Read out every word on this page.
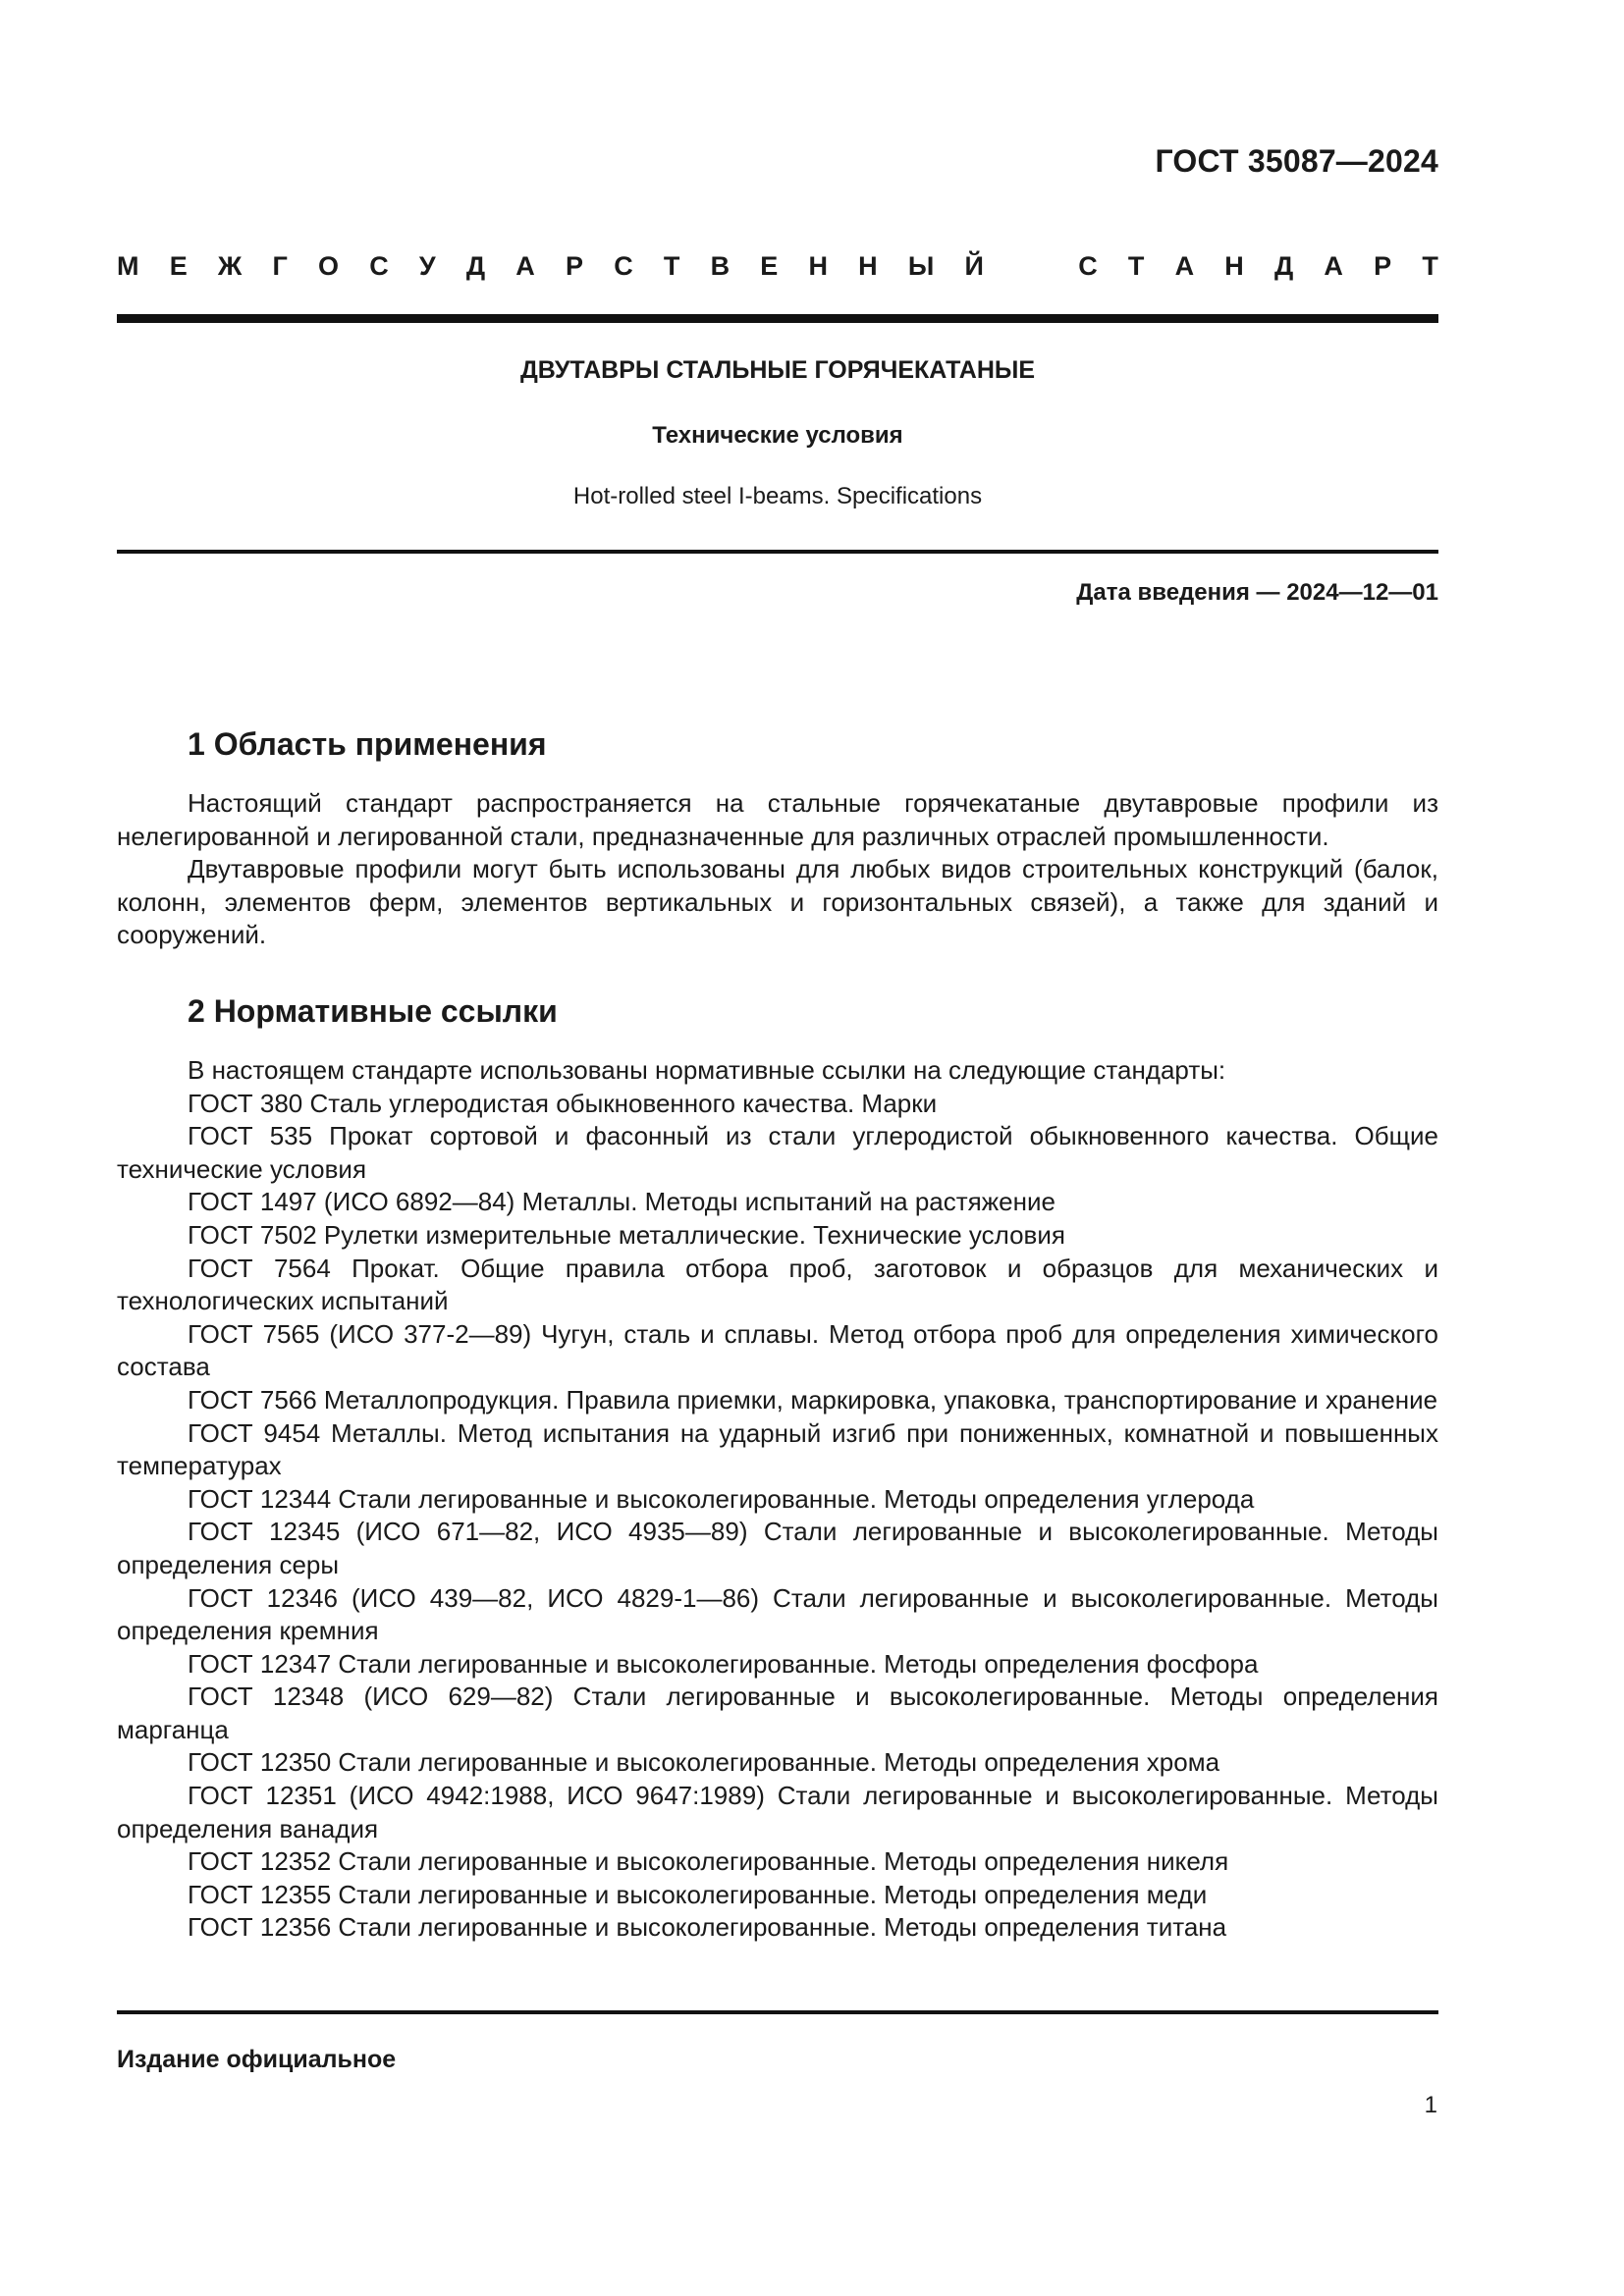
ГОСТ 35087—2024
М Е Ж Г О С У Д А Р С Т В Е Н Н Ы Й	С Т А Н Д А Р Т
ДВУТАВРЫ СТАЛЬНЫЕ ГОРЯЧЕКАТАНЫЕ
Технические условия
Hot-rolled steel I-beams. Specifications
Дата введения — 2024—12—01
1 Область применения

Настоящий стандарт распространяется на стальные горячекатаные двутавровые профили из нелегированной и легированной стали, предназначенные для различных отраслей промышленности.

Двутавровые профили могут быть использованы для любых видов строительных конструкций (балок, колонн, элементов ферм, элементов вертикальных и горизонтальных связей), а также для зданий и сооружений.

2 Нормативные ссылки

В настоящем стандарте использованы нормативные ссылки на следующие стандарты:

ГОСТ 380 Сталь углеродистая обыкновенного качества. Марки

ГОСТ 535 Прокат сортовой и фасонный из стали углеродистой обыкновенного качества. Общие технические условия

ГОСТ 1497 (ИСО 6892—84) Металлы. Методы испытаний на растяжение

ГОСТ 7502 Рулетки измерительные металлические. Технические условия

ГОСТ 7564 Прокат. Общие правила отбора проб, заготовок и образцов для механических и технологических испытаний

ГОСТ 7565 (ИСО 377-2—89) Чугун, сталь и сплавы. Метод отбора проб для определения химического состава

ГОСТ 7566 Металлопродукция. Правила приемки, маркировка, упаковка, транспортирование и хранение

ГОСТ 9454 Металлы. Метод испытания на ударный изгиб при пониженных, комнатной и повышенных температурах

ГОСТ 12344 Стали легированные и высоколегированные. Методы определения углерода

ГОСТ 12345 (ИСО 671—82, ИСО 4935—89) Стали легированные и высоколегированные. Методы определения серы

ГОСТ 12346 (ИСО 439—82, ИСО 4829-1—86) Стали легированные и высоколегированные. Методы определения кремния

ГОСТ 12347 Стали легированные и высоколегированные. Методы определения фосфора

ГОСТ 12348 (ИСО 629—82) Стали легированные и высоколегированные. Методы определения марганца

ГОСТ 12350 Стали легированные и высоколегированные. Методы определения хрома

ГОСТ 12351 (ИСО 4942:1988, ИСО 9647:1989) Стали легированные и высоколегированные. Методы определения ванадия

ГОСТ 12352 Стали легированные и высоколегированные. Методы определения никеля

ГОСТ 12355 Стали легированные и высоколегированные. Методы определения меди

ГОСТ 12356 Стали легированные и высоколегированные. Методы определения титана

Издание официальное
1
